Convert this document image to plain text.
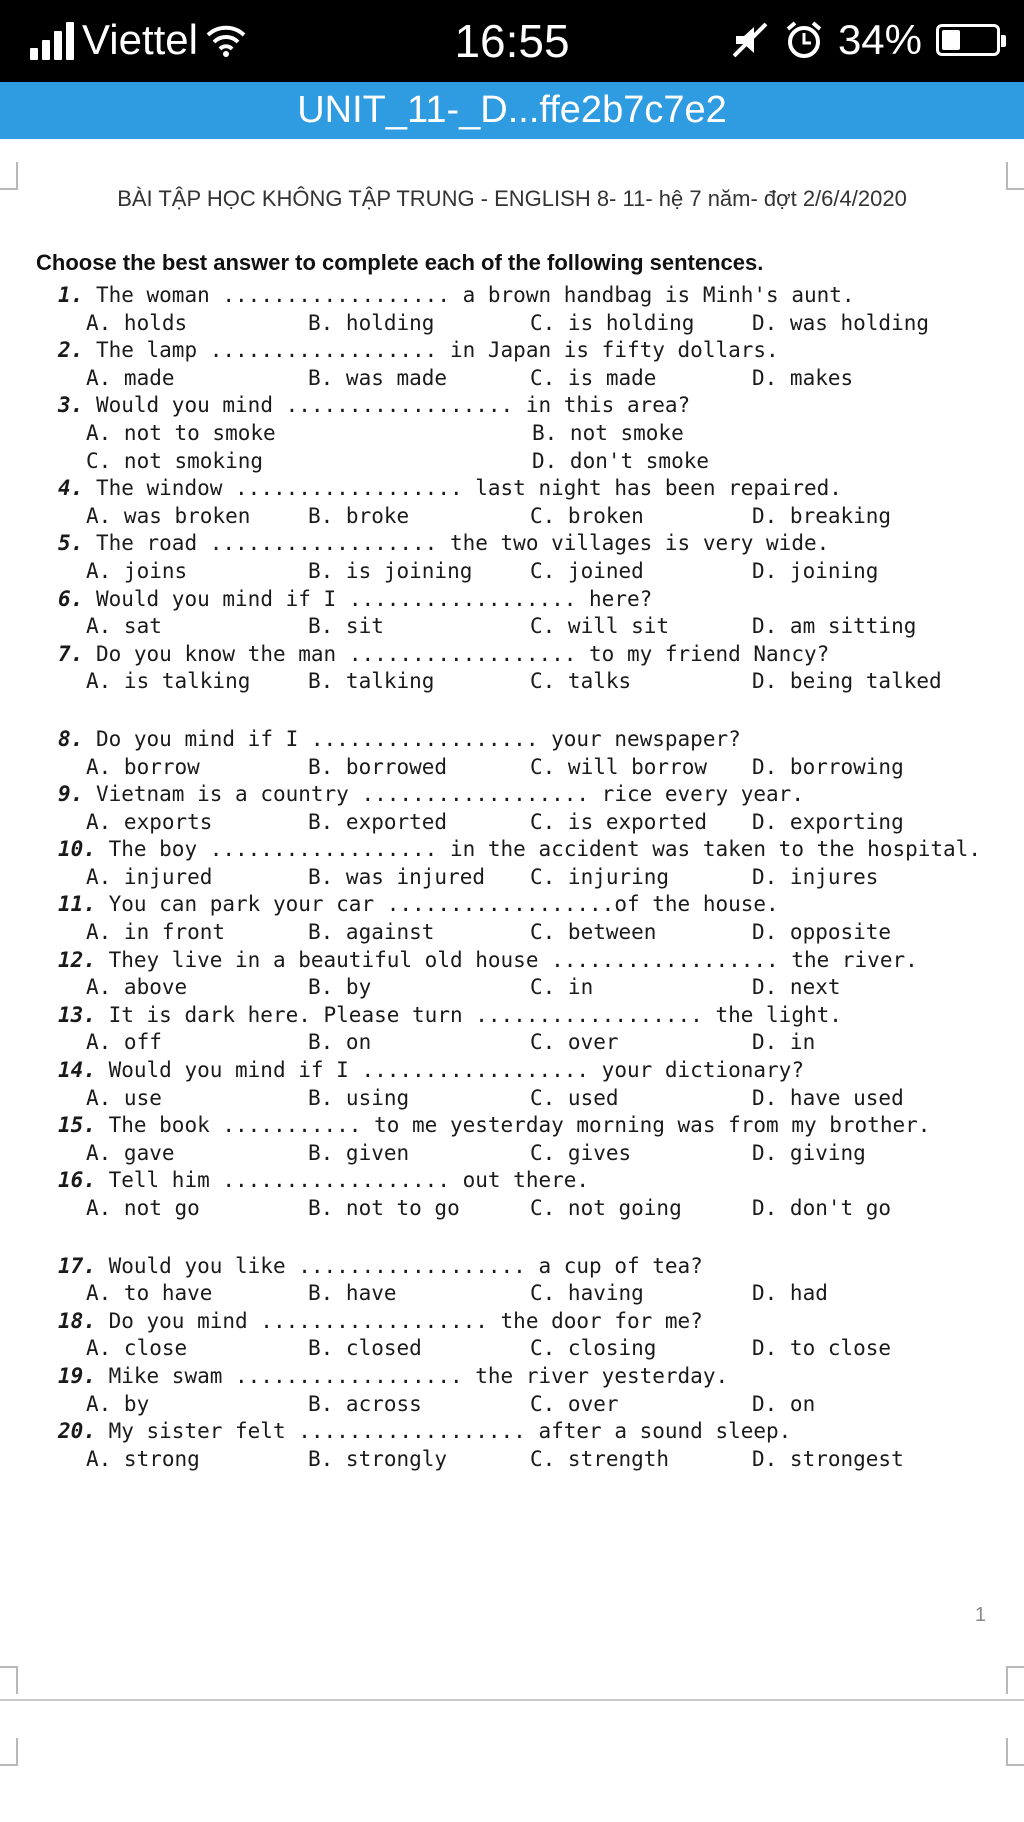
Viettel	16:55	34%
UNIT_11-_D...ffe2b7c7e2
BÀI TẬP HỌC KHÔNG TẬP TRUNG - ENGLISH 8- 11- hệ 7 năm- đợt 2/6/4/2020
Choose the best answer to complete each of the following sentences.
1. The woman .................. a brown handbag is Minh's aunt.
A. holds	B. holding	C. is holding	D. was holding
2. The lamp .................. in Japan is fifty dollars.
A. made	B. was made	C. is made	D. makes
3. Would you mind .................. in this area?
A. not to smoke	B. not smoke
C. not smoking	D. don't smoke
4. The window .................. last night has been repaired.
A. was broken	B. broke	C. broken	D. breaking
5. The road .................. the two villages is very wide.
A. joins	B. is joining	C. joined	D. joining
6. Would you mind if I .................. here?
A. sat	B. sit	C. will sit	D. am sitting
7. Do you know the man .................. to my friend Nancy?
A. is talking	B. talking	C. talks	D. being talked
8. Do you mind if I .................. your newspaper?
A. borrow	B. borrowed	C. will borrow	D. borrowing
9. Vietnam is a country .................. rice every year.
A. exports	B. exported	C. is exported	D. exporting
10. The boy .................. in the accident was taken to the hospital.
A. injured	B. was injured	C. injuring	D. injures
11. You can park your car ..................of the house.
A. in front	B. against	C. between	D. opposite
12. They live in a beautiful old house .................. the river.
A. above	B. by	C. in	D. next
13. It is dark here. Please turn .................. the light.
A. off	B. on	C. over	D. in
14. Would you mind if I .................. your dictionary?
A. use	B. using	C. used	D. have used
15. The book ........... to me yesterday morning was from my brother.
A. gave	B. given	C. gives	D. giving
16. Tell him .................. out there.
A. not go	B. not to go	C. not going	D. don't go
17. Would you like .................. a cup of tea?
A. to have	B. have	C. having	D. had
18. Do you mind .................. the door for me?
A. close	B. closed	C. closing	D. to close
19. Mike swam .................. the river yesterday.
A. by	B. across	C. over	D. on
20. My sister felt .................. after a sound sleep.
A. strong	B. strongly	C. strength	D. strongest
1
